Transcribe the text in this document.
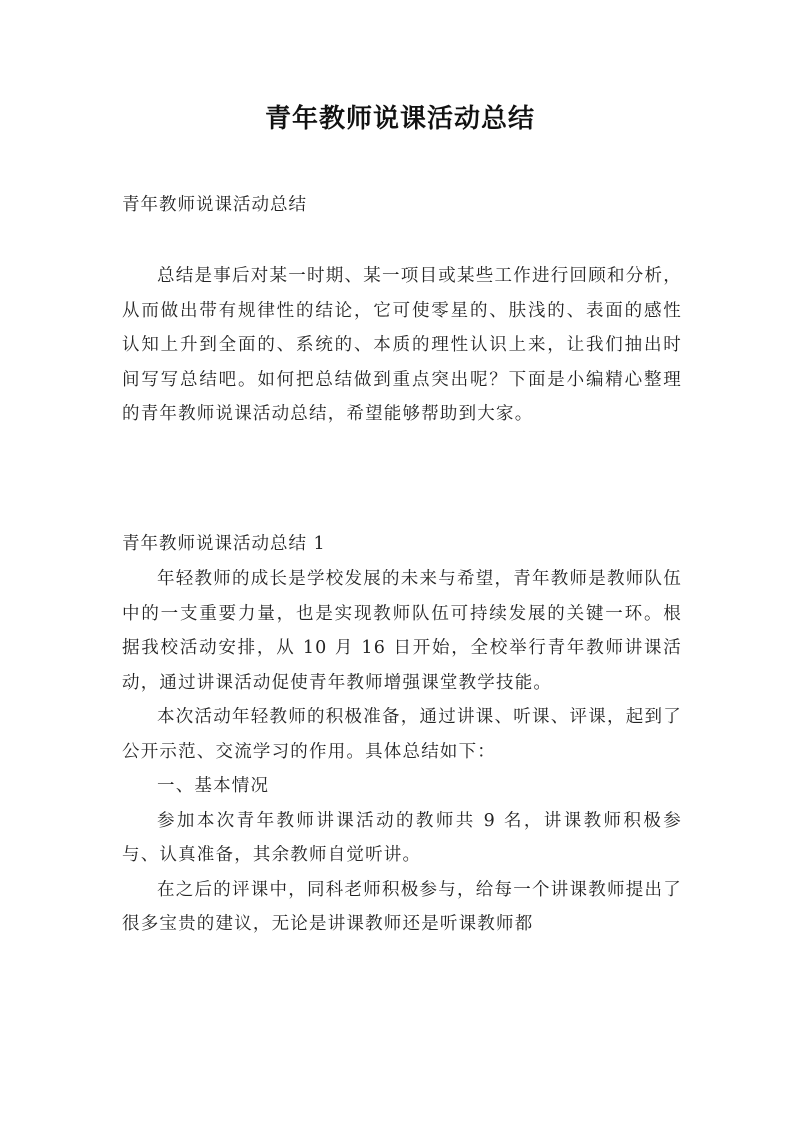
青年教师说课活动总结
青年教师说课活动总结

总结是事后对某一时期、某一项目或某些工作进行回顾和分析，从而做出带有规律性的结论，它可使零星的、肤浅的、表面的感性认知上升到全面的、系统的、本质的理性认识上来，让我们抽出时间写写总结吧。如何把总结做到重点突出呢？下面是小编精心整理的青年教师说课活动总结，希望能够帮助到大家。

青年教师说课活动总结 1

年轻教师的成长是学校发展的未来与希望，青年教师是教师队伍中的一支重要力量，也是实现教师队伍可持续发展的关键一环。根据我校活动安排，从 10 月 16 日开始，全校举行青年教师讲课活动，通过讲课活动促使青年教师增强课堂教学技能。

本次活动年轻教师的积极准备，通过讲课、听课、评课，起到了公开示范、交流学习的作用。具体总结如下：

一、基本情况

参加本次青年教师讲课活动的教师共 9 名，讲课教师积极参与、认真准备，其余教师自觉听讲。

在之后的评课中，同科老师积极参与，给每一个讲课教师提出了很多宝贵的建议，无论是讲课教师还是听课教师都
